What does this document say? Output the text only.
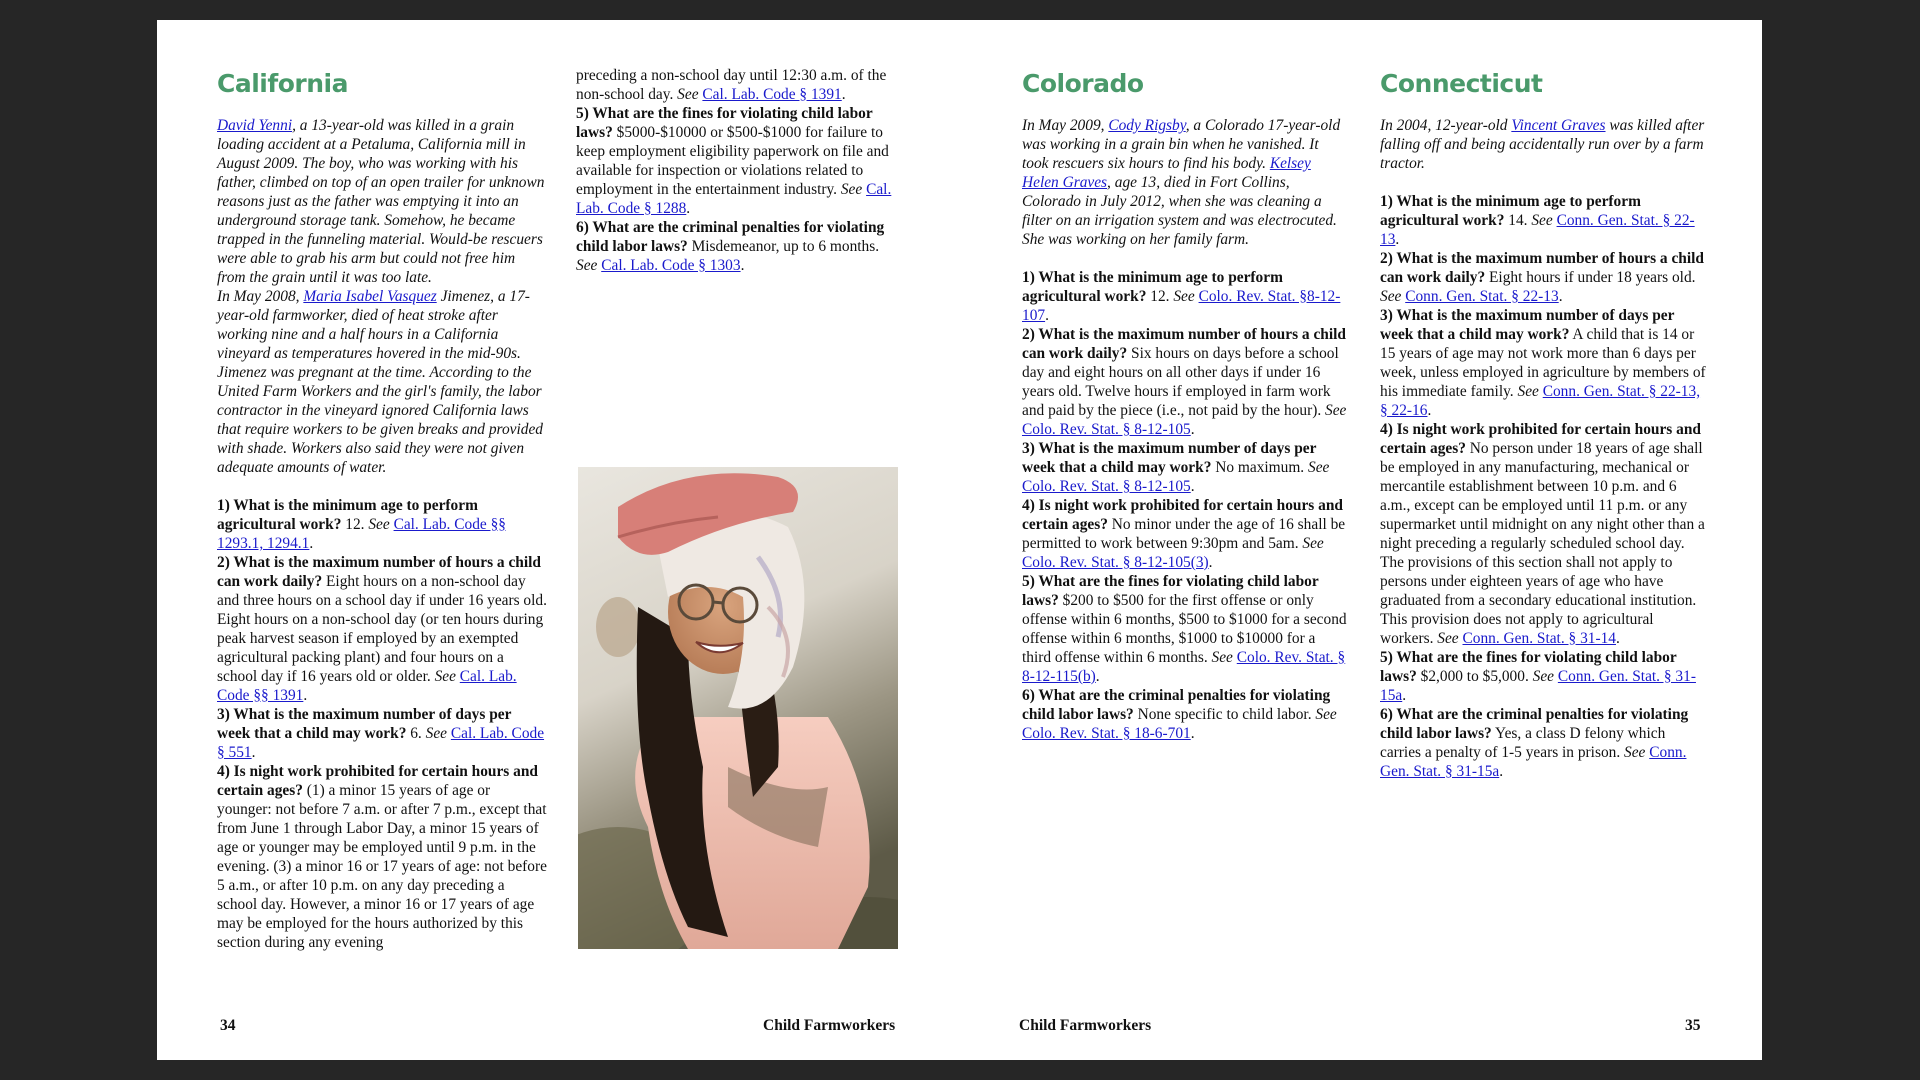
California

David Yenni, a 13-year-old was killed in a grain loading accident at a Petaluma, California mill in August 2009. The boy, who was working with his father, climbed on top of an open trailer for unknown reasons just as the father was emptying it into an underground storage tank. Somehow, he became trapped in the funneling material. Would-be rescuers were able to grab his arm but could not free him from the grain until it was too late.

In May 2008, Maria Isabel Vasquez Jimenez, a 17-year-old farmworker, died of heat stroke after working nine and a half hours in a California vineyard as temperatures hovered in the mid-90s. Jimenez was pregnant at the time. According to the United Farm Workers and the girl's family, the labor contractor in the vineyard ignored California laws that require workers to be given breaks and provided with shade. Workers also said they were not given adequate amounts of water.

1) What is the minimum age to perform agricultural work? 12. See Cal. Lab. Code §§ 1293.1, 1294.1.

2) What is the maximum number of hours a child can work daily? Eight hours on a non-school day and three hours on a school day if under 16 years old. Eight hours on a non-school day (or ten hours during peak harvest season if employed by an exempted agricultural packing plant) and four hours on a school day if 16 years old or older. See Cal. Lab. Code §§ 1391.

3) What is the maximum number of days per week that a child may work? 6. See Cal. Lab. Code § 551.

4) Is night work prohibited for certain hours and certain ages? (1) a minor 15 years of age or younger: not before 7 a.m. or after 7 p.m., except that from June 1 through Labor Day, a minor 15 years of age or younger may be employed until 9 p.m. in the evening. (3) a minor 16 or 17 years of age: not before 5 a.m., or after 10 p.m. on any day preceding a school day. However, a minor 16 or 17 years of age may be employed for the hours authorized by this section during any evening

preceding a non-school day until 12:30 a.m. of the non-school day. See Cal. Lab. Code § 1391.

5) What are the fines for violating child labor laws? $5000-$10000 or $500-$1000 for failure to keep employment eligibility paperwork on file and available for inspection or violations related to employment in the entertainment industry. See Cal. Lab. Code § 1288.

6) What are the criminal penalties for violating child labor laws? Misdemeanor, up to 6 months. See Cal. Lab. Code § 1303.

34	Child Farmworkers
Colorado

In May 2009, Cody Rigsby, a Colorado 17-year-old was working in a grain bin when he vanished. It took rescuers six hours to find his body. Kelsey Helen Graves, age 13, died in Fort Collins, Colorado in July 2012, when she was cleaning a filter on an irrigation system and was electrocuted. She was working on her family farm.

1) What is the minimum age to perform agricultural work? 12. See Colo. Rev. Stat. §8-12-107.

2) What is the maximum number of hours a child can work daily? Six hours on days before a school day and eight hours on all other days if under 16 years old. Twelve hours if employed in farm work and paid by the piece (i.e., not paid by the hour). See Colo. Rev. Stat. § 8-12-105.

3) What is the maximum number of days per week that a child may work? No maximum. See Colo. Rev. Stat. § 8-12-105.

4) Is night work prohibited for certain hours and certain ages? No minor under the age of 16 shall be permitted to work between 9:30pm and 5am. See Colo. Rev. Stat. § 8-12-105(3).

5) What are the fines for violating child labor laws? $200 to $500 for the first offense or only offense within 6 months, $500 to $1000 for a second offense within 6 months, $1000 to $10000 for a third offense within 6 months. See Colo. Rev. Stat. § 8-12-115(b).

6) What are the criminal penalties for violating child labor laws? None specific to child labor. See Colo. Rev. Stat. § 18-6-701.

Connecticut

In 2004, 12-year-old Vincent Graves was killed after falling off and being accidentally run over by a farm tractor.

1) What is the minimum age to perform agricultural work? 14. See Conn. Gen. Stat. § 22-13.

2) What is the maximum number of hours a child can work daily? Eight hours if under 18 years old. See Conn. Gen. Stat. § 22-13.

3) What is the maximum number of days per week that a child may work? A child that is 14 or 15 years of age may not work more than 6 days per week, unless employed in agriculture by members of his immediate family. See Conn. Gen. Stat. § 22-13, § 22-16.

4) Is night work prohibited for certain hours and certain ages? No person under 18 years of age shall be employed in any manufacturing, mechanical or mercantile establishment between 10 p.m. and 6 a.m., except can be employed until 11 p.m. or any supermarket until midnight on any night other than a night preceding a regularly scheduled school day. The provisions of this section shall not apply to persons under eighteen years of age who have graduated from a secondary educational institution. This provision does not apply to agricultural workers. See Conn. Gen. Stat. § 31-14.

5) What are the fines for violating child labor laws? $2,000 to $5,000. See Conn. Gen. Stat. § 31-15a.

6) What are the criminal penalties for violating child labor laws? Yes, a class D felony which carries a penalty of 1-5 years in prison. See Conn. Gen. Stat. § 31-15a.

Child Farmworkers	35
